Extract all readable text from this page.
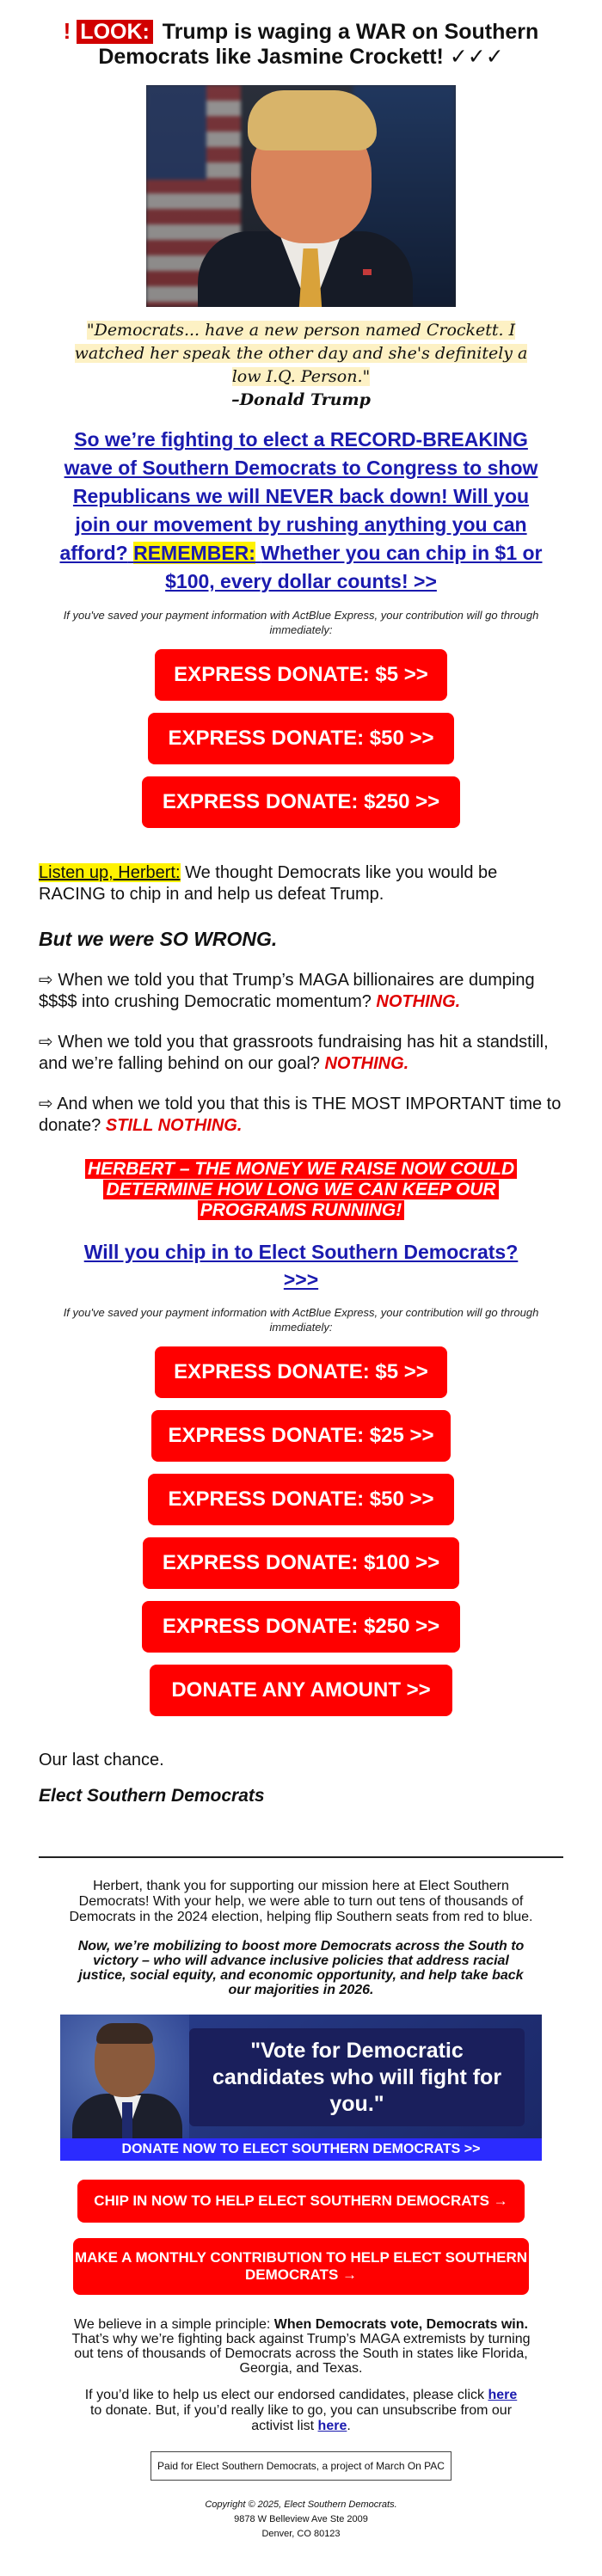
! LOOK: Trump is waging a WAR on Southern Democrats like Jasmine Crockett! ✓✓✓
"Democrats... have a new person named Crockett. I watched her speak the other day and she's definitely a low I.Q. Person."
–Donald Trump
So we’re fighting to elect a RECORD-BREAKING wave of Southern Democrats to Congress to show Republicans we will NEVER back down! Will you join our movement by rushing anything you can afford? REMEMBER: Whether you can chip in $1 or $100, every dollar counts! >>

If you've saved your payment information with ActBlue Express, your contribution will go through immediately:

EXPRESS DONATE: $5 >>
EXPRESS DONATE: $50 >>
EXPRESS DONATE: $250 >>

Listen up, Herbert: We thought Democrats like you would be RACING to chip in and help us defeat Trump.

But we were SO WRONG.

⇨ When we told you that Trump’s MAGA billionaires are dumping $$$$ into crushing Democratic momentum? NOTHING.

⇨ When we told you that grassroots fundraising has hit a standstill, and we’re falling behind on our goal? NOTHING.

⇨ And when we told you that this is THE MOST IMPORTANT time to donate? STILL NOTHING.

HERBERT – THE MONEY WE RAISE NOW COULD DETERMINE HOW LONG WE CAN KEEP OUR PROGRAMS RUNNING!

Will you chip in to Elect Southern Democrats? >>>

If you've saved your payment information with ActBlue Express, your contribution will go through immediately:

EXPRESS DONATE: $5 >>
EXPRESS DONATE: $25 >>
EXPRESS DONATE: $50 >>
EXPRESS DONATE: $100 >>
EXPRESS DONATE: $250 >>
DONATE ANY AMOUNT >>

Our last chance.

Elect Southern Democrats

Herbert, thank you for supporting our mission here at Elect Southern Democrats! With your help, we were able to turn out tens of thousands of Democrats in the 2024 election, helping flip Southern seats from red to blue.

Now, we’re mobilizing to boost more Democrats across the South to victory – who will advance inclusive policies that address racial justice, social equity, and economic opportunity, and help take back our majorities in 2026.

"Vote for Democratic candidates who will fight for you."
DONATE NOW TO ELECT SOUTHERN DEMOCRATS >>
CHIP IN NOW TO HELP ELECT SOUTHERN DEMOCRATS →
MAKE A MONTHLY CONTRIBUTION TO HELP ELECT SOUTHERN DEMOCRATS →

We believe in a simple principle: When Democrats vote, Democrats win. That’s why we’re fighting back against Trump’s MAGA extremists by turning out tens of thousands of Democrats across the South in states like Florida, Georgia, and Texas.

If you’d like to help us elect our endorsed candidates, please click here to donate. But, if you’d really like to go, you can unsubscribe from our activist list here.

Paid for Elect Southern Democrats, a project of March On PAC
Copyright © 2025, Elect Southern Democrats.
9878 W Belleview Ave Ste 2009
Denver, CO 80123
